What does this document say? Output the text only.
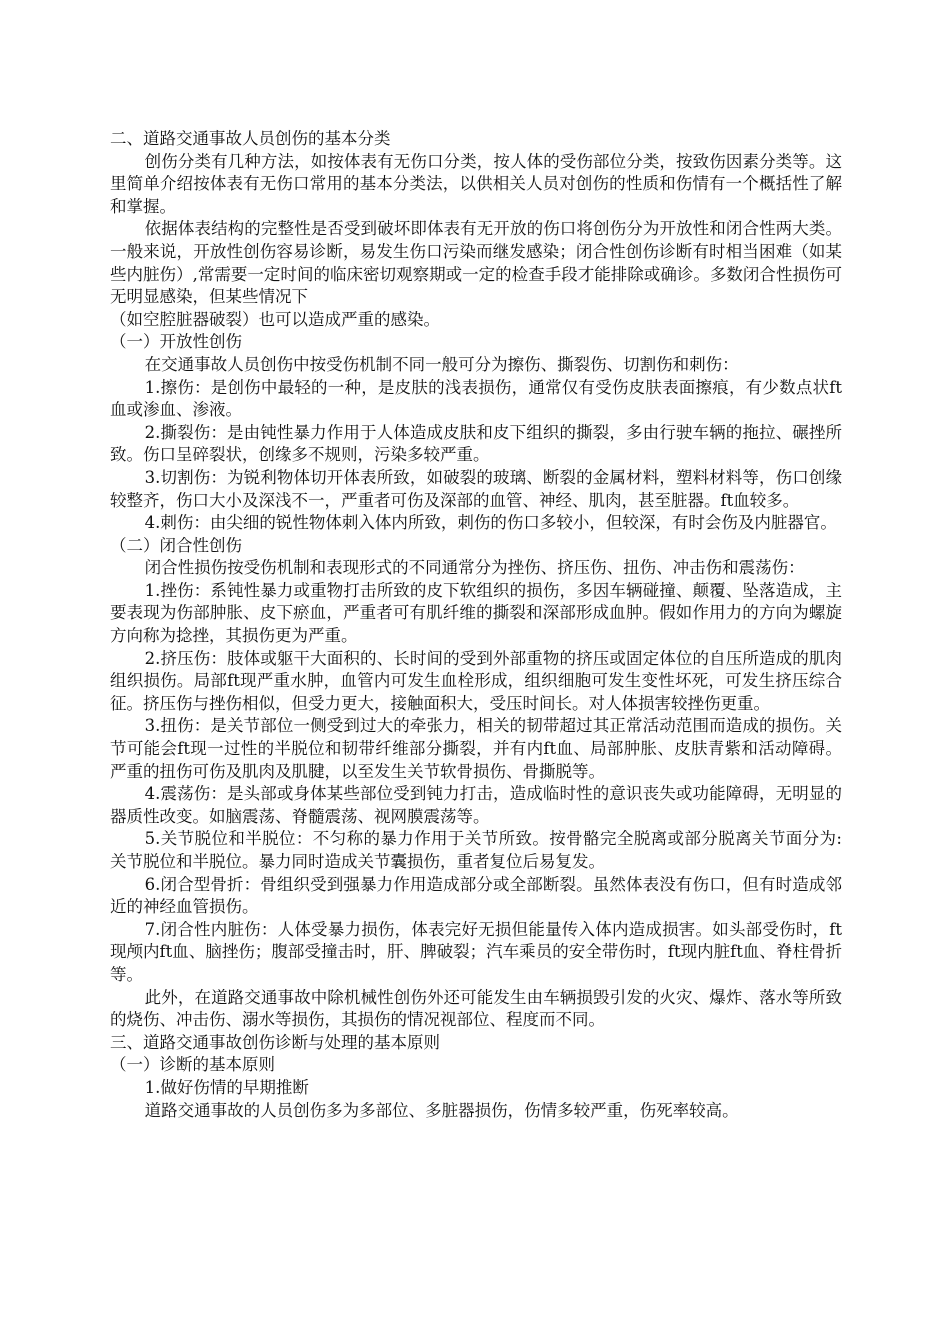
二、道路交通事故人员创伤的基本分类

创伤分类有几种方法，如按体表有无伤口分类，按人体的受伤部位分类，按致伤因素分类等。这里简单介绍按体表有无伤口常用的基本分类法，以供相关人员对创伤的性质和伤情有一个概括性了解和掌握。

依据体表结构的完整性是否受到破坏即体表有无开放的伤口将创伤分为开放性和闭合性两大类。一般来说，开放性创伤容易诊断，易发生伤口污染而继发感染；闭合性创伤诊断有时相当困难（如某些内脏伤）,常需要一定时间的临床密切观察期或一定的检查手段才能排除或确诊。多数闭合性损伤可无明显感染，但某些情况下

（如空腔脏器破裂）也可以造成严重的感染。

（一）开放性创伤

在交通事故人员创伤中按受伤机制不同一般可分为擦伤、撕裂伤、切割伤和刺伤：

1.擦伤：是创伤中最轻的一种，是皮肤的浅表损伤，通常仅有受伤皮肤表面擦痕，有少数点状ft血或渗血、渗液。

2.撕裂伤：是由钝性暴力作用于人体造成皮肤和皮下组织的撕裂，多由行驶车辆的拖拉、碾挫所致。伤口呈碎裂状，创缘多不规则，污染多较严重。

3.切割伤：为锐利物体切开体表所致，如破裂的玻璃、断裂的金属材料，塑料材料等，伤口创缘较整齐，伤口大小及深浅不一，严重者可伤及深部的血管、神经、肌肉，甚至脏器。ft血较多。

4.刺伤：由尖细的锐性物体刺入体内所致，刺伤的伤口多较小，但较深，有时会伤及内脏器官。

（二）闭合性创伤

闭合性损伤按受伤机制和表现形式的不同通常分为挫伤、挤压伤、扭伤、冲击伤和震荡伤：

1.挫伤：系钝性暴力或重物打击所致的皮下软组织的损伤，多因车辆碰撞、颠覆、坠落造成，主要表现为伤部肿胀、皮下瘀血，严重者可有肌纤维的撕裂和深部形成血肿。假如作用力的方向为螺旋方向称为捻挫，其损伤更为严重。

2.挤压伤：肢体或躯干大面积的、长时间的受到外部重物的挤压或固定体位的自压所造成的肌肉组织损伤。局部ft现严重水肿，血管内可发生血栓形成，组织细胞可发生变性坏死，可发生挤压综合征。挤压伤与挫伤相似，但受力更大，接触面积大，受压时间长。对人体损害较挫伤更重。

3.扭伤：是关节部位一侧受到过大的牵张力，相关的韧带超过其正常活动范围而造成的损伤。关节可能会ft现一过性的半脱位和韧带纤维部分撕裂，并有内ft血、局部肿胀、皮肤青紫和活动障碍。严重的扭伤可伤及肌肉及肌腱，以至发生关节软骨损伤、骨撕脱等。

4.震荡伤：是头部或身体某些部位受到钝力打击，造成临时性的意识丧失或功能障碍，无明显的器质性改变。如脑震荡、脊髓震荡、视网膜震荡等。

5.关节脱位和半脱位：不匀称的暴力作用于关节所致。按骨骼完全脱离或部分脱离关节面分为:关节脱位和半脱位。暴力同时造成关节囊损伤，重者复位后易复发。

6.闭合型骨折：骨组织受到强暴力作用造成部分或全部断裂。虽然体表没有伤口，但有时造成邻近的神经血管损伤。

7.闭合性内脏伤：人体受暴力损伤，体表完好无损但能量传入体内造成损害。如头部受伤时，ft现颅内ft血、脑挫伤；腹部受撞击时，肝、脾破裂；汽车乘员的安全带伤时，ft现内脏ft血、脊柱骨折等。

此外，在道路交通事故中除机械性创伤外还可能发生由车辆损毁引发的火灾、爆炸、落水等所致的烧伤、冲击伤、溺水等损伤，其损伤的情况视部位、程度而不同。

三、道路交通事故创伤诊断与处理的基本原则

（一）诊断的基本原则

1.做好伤情的早期推断

道路交通事故的人员创伤多为多部位、多脏器损伤，伤情多较严重，伤死率较高。
